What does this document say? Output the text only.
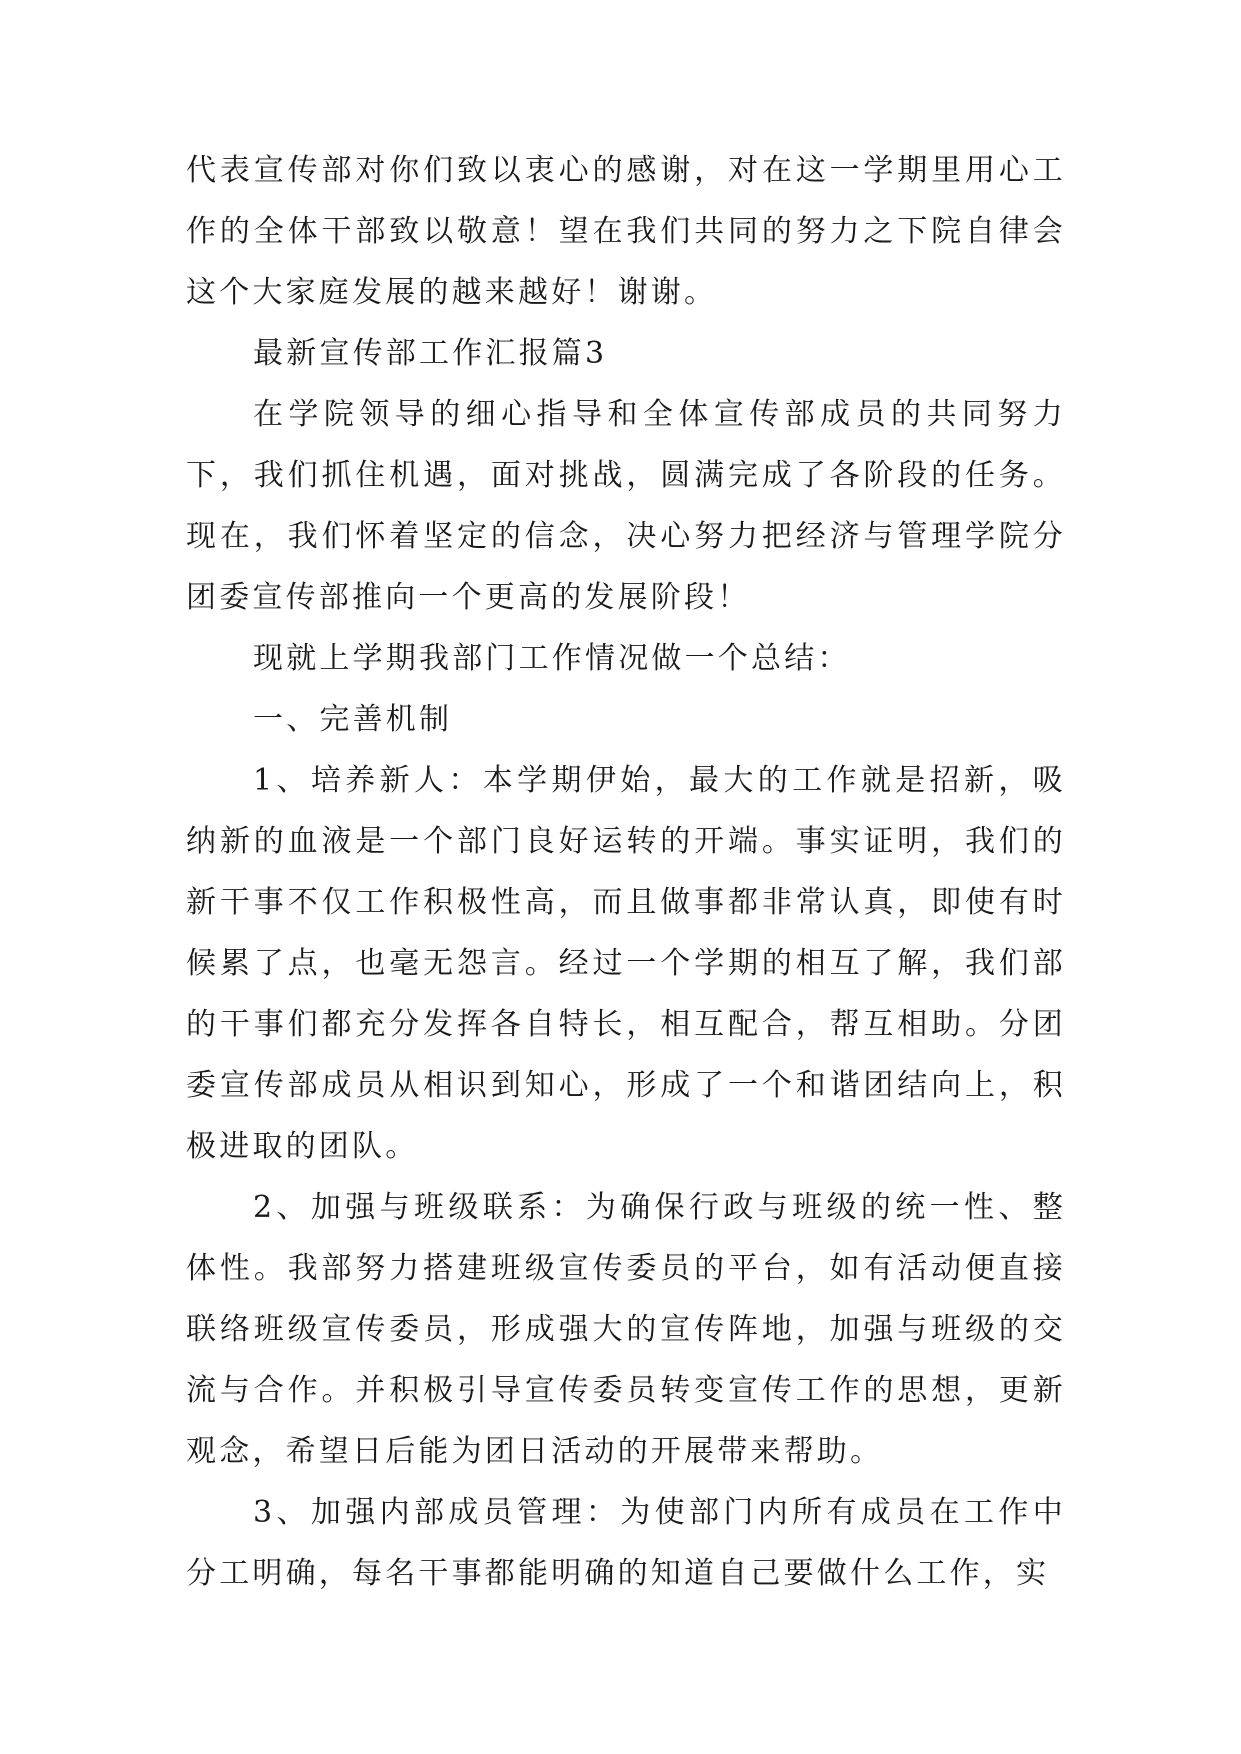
代表宣传部对你们致以衷心的感谢，对在这一学期里用心工作的全体干部致以敬意！望在我们共同的努力之下院自律会这个大家庭发展的越来越好！谢谢。

最新宣传部工作汇报篇3

在学院领导的细心指导和全体宣传部成员的共同努力下，我们抓住机遇，面对挑战，圆满完成了各阶段的任务。现在，我们怀着坚定的信念，决心努力把经济与管理学院分团委宣传部推向一个更高的发展阶段！

现就上学期我部门工作情况做一个总结：

一、完善机制

1、培养新人：本学期伊始，最大的工作就是招新，吸纳新的血液是一个部门良好运转的开端。事实证明，我们的新干事不仅工作积极性高，而且做事都非常认真，即使有时候累了点，也毫无怨言。经过一个学期的相互了解，我们部的干事们都充分发挥各自特长，相互配合，帮互相助。分团委宣传部成员从相识到知心，形成了一个和谐团结向上，积极进取的团队。

2、加强与班级联系：为确保行政与班级的统一性、整体性。我部努力搭建班级宣传委员的平台，如有活动便直接联络班级宣传委员，形成强大的宣传阵地，加强与班级的交流与合作。并积极引导宣传委员转变宣传工作的思想，更新观念，希望日后能为团日活动的开展带来帮助。

3、加强内部成员管理：为使部门内所有成员在工作中分工明确，每名干事都能明确的知道自己要做什么工作，实
